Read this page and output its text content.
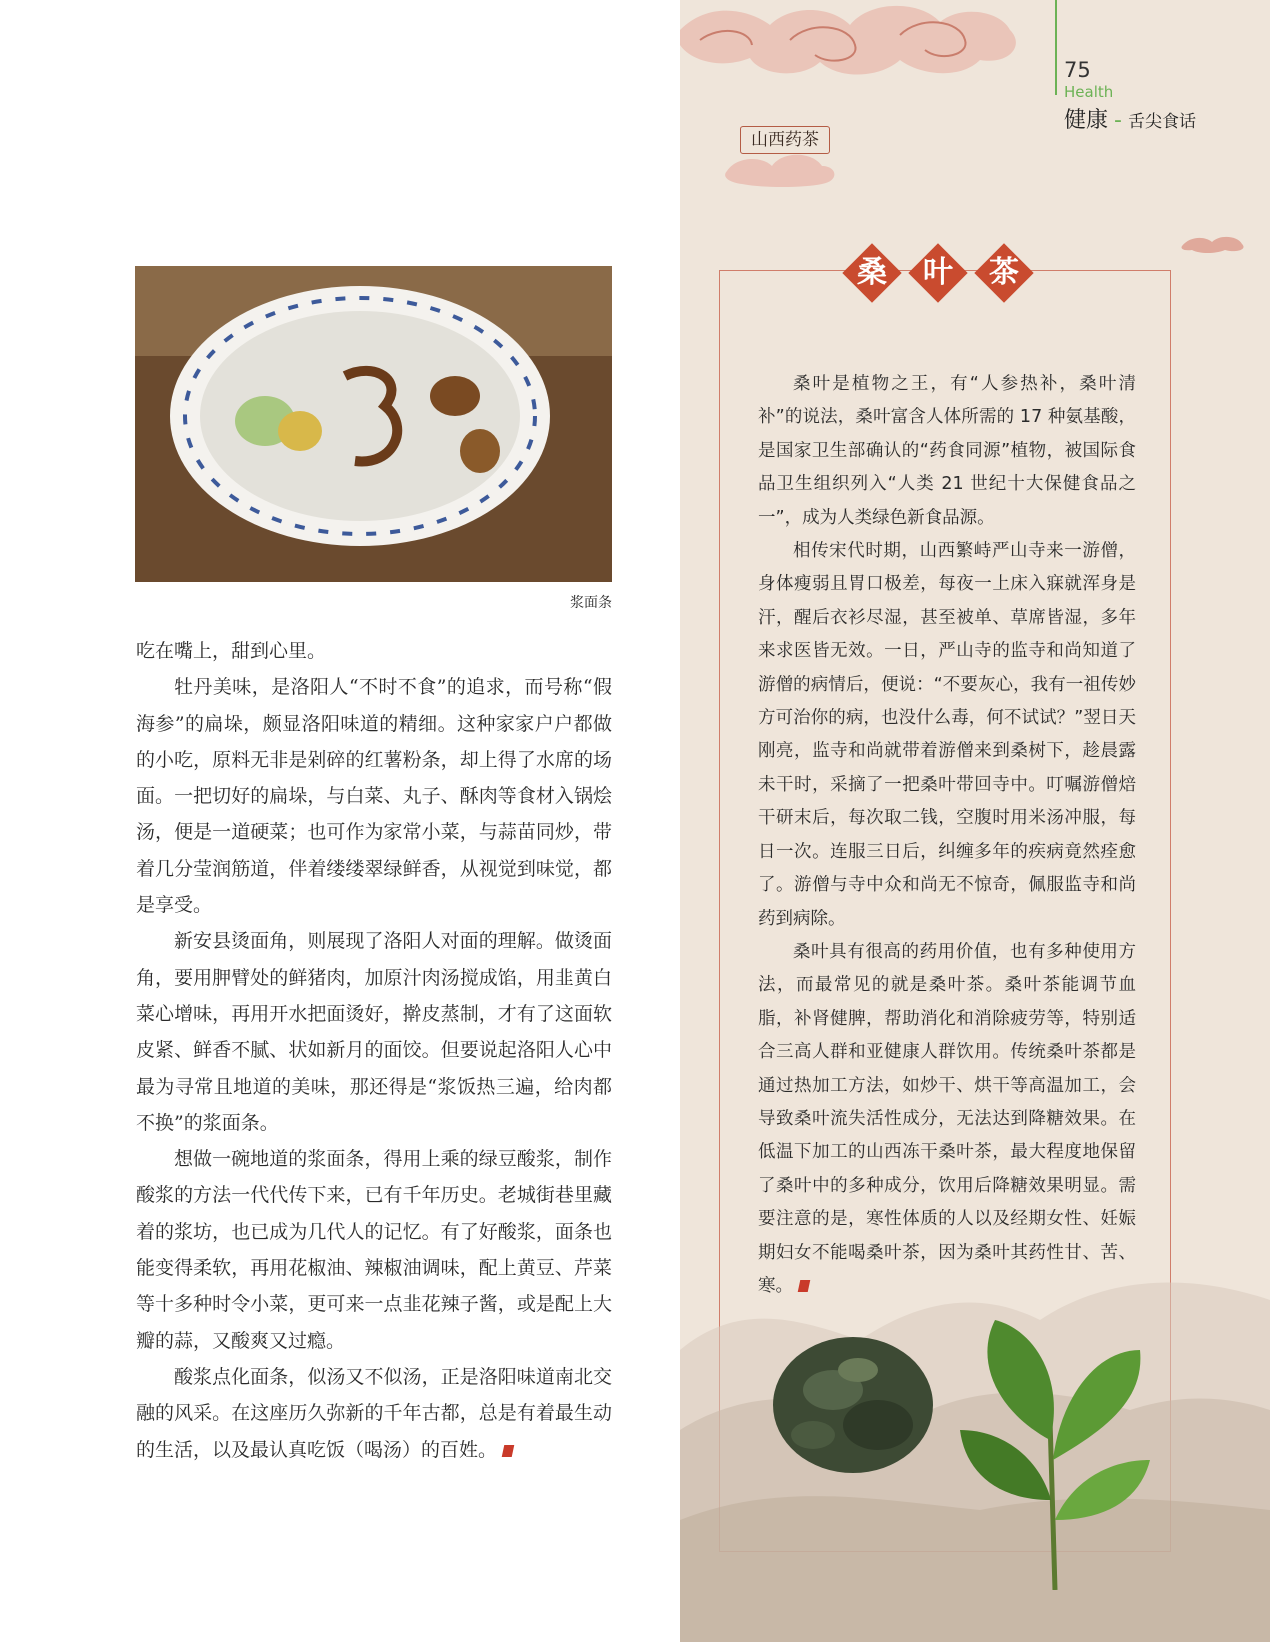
75
Health
健康 - 舌尖食话
山西药茶
桑	叶	茶

桑叶是植物之王，有“人参热补，桑叶清补”的说法，桑叶富含人体所需的 17 种氨基酸，是国家卫生部确认的“药食同源”植物，被国际食品卫生组织列入“人类 21 世纪十大保健食品之一”，成为人类绿色新食品源。

相传宋代时期，山西繁峙严山寺来一游僧，身体瘦弱且胃口极差，每夜一上床入寐就浑身是汗，醒后衣衫尽湿，甚至被单、草席皆湿，多年来求医皆无效。一日，严山寺的监寺和尚知道了游僧的病情后，便说：“不要灰心，我有一祖传妙方可治你的病，也没什么毒，何不试试？”翌日天刚亮，监寺和尚就带着游僧来到桑树下，趁晨露未干时，采摘了一把桑叶带回寺中。叮嘱游僧焙干研末后，每次取二钱，空腹时用米汤冲服，每日一次。连服三日后，纠缠多年的疾病竟然痊愈了。游僧与寺中众和尚无不惊奇，佩服监寺和尚药到病除。

桑叶具有很高的药用价值，也有多种使用方法，而最常见的就是桑叶茶。桑叶茶能调节血脂，补肾健脾，帮助消化和消除疲劳等，特别适合三高人群和亚健康人群饮用。传统桑叶茶都是通过热加工方法，如炒干、烘干等高温加工，会导致桑叶流失活性成分，无法达到降糖效果。在低温下加工的山西冻干桑叶茶，最大程度地保留了桑叶中的多种成分，饮用后降糖效果明显。需要注意的是，寒性体质的人以及经期女性、妊娠期妇女不能喝桑叶茶，因为桑叶其药性甘、苦、寒。

浆面条

吃在嘴上，甜到心里。

牡丹美味，是洛阳人“不时不食”的追求，而号称“假海参”的扁垛，颇显洛阳味道的精细。这种家家户户都做的小吃，原料无非是剁碎的红薯粉条，却上得了水席的场面。一把切好的扁垛，与白菜、丸子、酥肉等食材入锅烩汤，便是一道硬菜；也可作为家常小菜，与蒜苗同炒，带着几分莹润筋道，伴着缕缕翠绿鲜香，从视觉到味觉，都是享受。

新安县烫面角，则展现了洛阳人对面的理解。做烫面角，要用胛臂处的鲜猪肉，加原汁肉汤搅成馅，用韭黄白菜心增味，再用开水把面烫好，擀皮蒸制，才有了这面软皮紧、鲜香不腻、状如新月的面饺。但要说起洛阳人心中最为寻常且地道的美味，那还得是“浆饭热三遍，给肉都不换”的浆面条。

想做一碗地道的浆面条，得用上乘的绿豆酸浆，制作酸浆的方法一代代传下来，已有千年历史。老城街巷里藏着的浆坊，也已成为几代人的记忆。有了好酸浆，面条也能变得柔软，再用花椒油、辣椒油调味，配上黄豆、芹菜等十多种时令小菜，更可来一点韭花辣子酱，或是配上大瓣的蒜，又酸爽又过瘾。

酸浆点化面条，似汤又不似汤，正是洛阳味道南北交融的风采。在这座历久弥新的千年古都，总是有着最生动的生活，以及最认真吃饭（喝汤）的百姓。
